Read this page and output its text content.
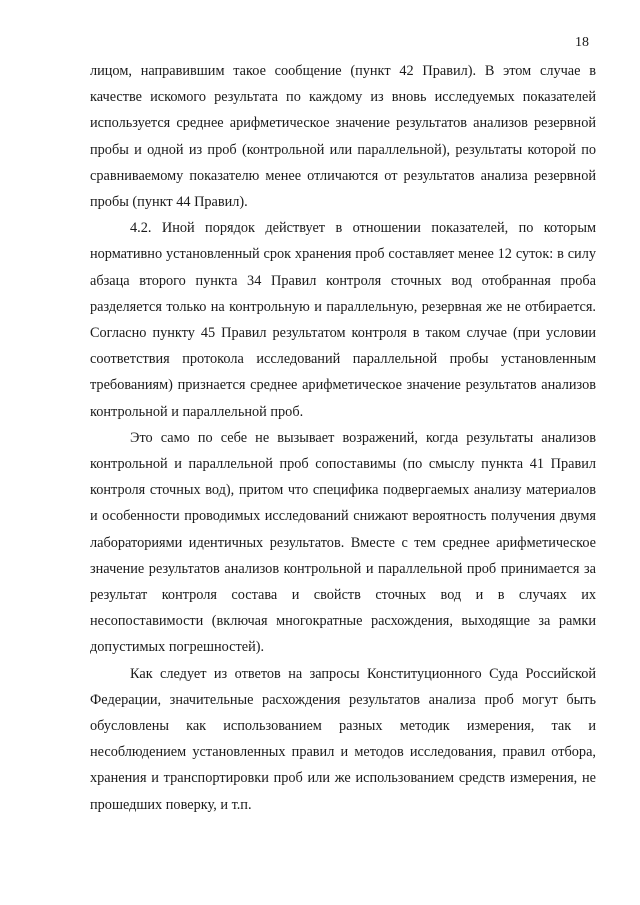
18

лицом, направившим такое сообщение (пункт 42 Правил). В этом случае в качестве искомого результата по каждому из вновь исследуемых показателей используется среднее арифметическое значение результатов анализов резервной пробы и одной из проб (контрольной или параллельной), результаты которой по сравниваемому показателю менее отличаются от результатов анализа резервной пробы (пункт 44 Правил).

4.2. Иной порядок действует в отношении показателей, по которым нормативно установленный срок хранения проб составляет менее 12 суток: в силу абзаца второго пункта 34 Правил контроля сточных вод отобранная проба разделяется только на контрольную и параллельную, резервная же не отбирается. Согласно пункту 45 Правил результатом контроля в таком случае (при условии соответствия протокола исследований параллельной пробы установленным требованиям) признается среднее арифметическое значение результатов анализов контрольной и параллельной проб.

Это само по себе не вызывает возражений, когда результаты анализов контрольной и параллельной проб сопоставимы (по смыслу пункта 41 Правил контроля сточных вод), притом что специфика подвергаемых анализу материалов и особенности проводимых исследований снижают вероятность получения двумя лабораториями идентичных результатов. Вместе с тем среднее арифметическое значение результатов анализов контрольной и параллельной проб принимается за результат контроля состава и свойств сточных вод и в случаях их несопоставимости (включая многократные расхождения, выходящие за рамки допустимых погрешностей).

Как следует из ответов на запросы Конституционного Суда Российской Федерации, значительные расхождения результатов анализа проб могут быть обусловлены как использованием разных методик измерения, так и несоблюдением установленных правил и методов исследования, правил отбора, хранения и транспортировки проб или же использованием средств измерения, не прошедших поверку, и т.п.
